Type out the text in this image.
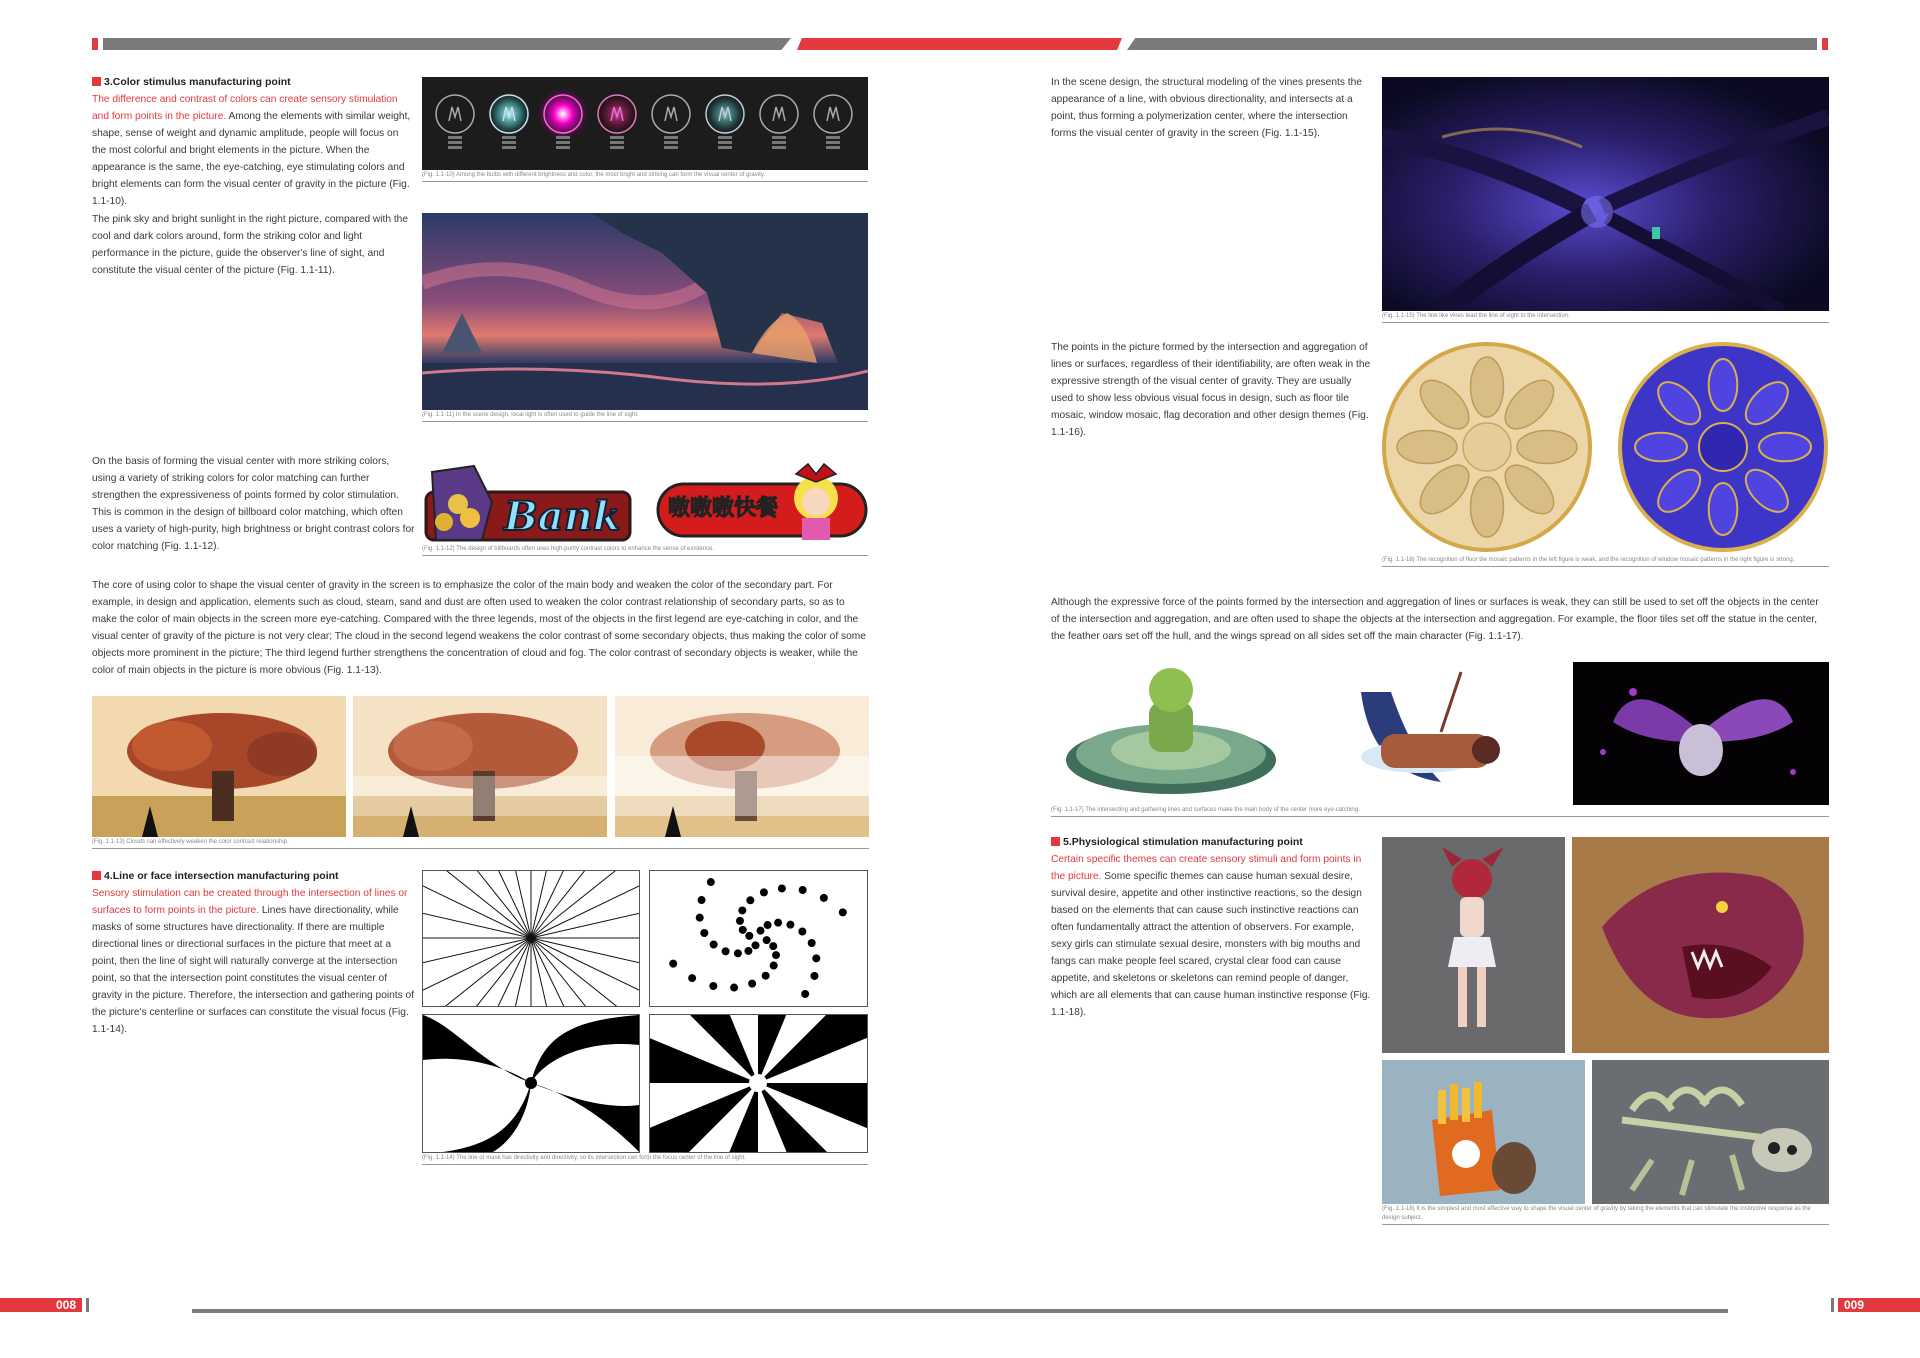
3.Color stimulus manufacturing point
The difference and contrast of colors can create sensory stimulation and form points in the picture. Among the elements with similar weight, shape, sense of weight and dynamic amplitude, people will focus on the most colorful and bright elements in the picture. When the appearance is the same, the eye-catching, eye stimulating colors and bright elements can form the visual center of gravity in the picture (Fig. 1.1-10).
(Fig. 1.1-10) Among the bulbs with different brightness and color, the most bright and striking can form the visual center of gravity.
The pink sky and bright sunlight in the right picture, compared with the cool and dark colors around, form the striking color and light performance in the picture, guide the observer's line of sight, and constitute the visual center of the picture (Fig. 1.1-11).
(Fig. 1.1-11) In the scene design, local light is often used to guide the line of sight.
On the basis of forming the visual center with more striking colors, using a variety of striking colors for color matching can further strengthen the expressiveness of points formed by color stimulation. This is common in the design of billboard color matching, which often uses a variety of high-purity, high brightness or bright contrast colors for color matching (Fig. 1.1-12).
Bank 嗷嗷嗷快餐
(Fig. 1.1-12) The design of billboards often uses high-purity contrast colors to enhance the sense of existence.
The core of using color to shape the visual center of gravity in the screen is to emphasize the color of the main body and weaken the color of the secondary part. For example, in design and application, elements such as cloud, steam, sand and dust are often used to weaken the color contrast relationship of secondary parts, so as to make the color of main objects in the screen more eye-catching. Compared with the three legends, most of the objects in the first legend are eye-catching in color, and the visual center of gravity of the picture is not very clear; The cloud in the second legend weakens the color contrast of some secondary objects, thus making the color of some objects more prominent in the picture; The third legend further strengthens the concentration of cloud and fog. The color contrast of secondary objects is weaker, while the color of main objects in the picture is more obvious (Fig. 1.1-13).
(Fig. 1.1-13) Clouds can effectively weaken the color contrast relationship.
4.Line or face intersection manufacturing point
Sensory stimulation can be created through the intersection of lines or surfaces to form points in the picture. Lines have directionality, while masks of some structures have directionality. If there are multiple directional lines or directional surfaces in the picture that meet at a point, then the line of sight will naturally converge at the intersection point, so that the intersection point constitutes the visual center of gravity in the picture. Therefore, the intersection and gathering points of the picture's centerline or surfaces can constitute the visual focus (Fig. 1.1-14).
(Fig. 1.1-14) The line or mask has directivity and directivity, so its intersection can form the focus center of the line of sight.
008
In the scene design, the structural modeling of the vines presents the appearance of a line, with obvious directionality, and intersects at a point, thus forming a polymerization center, where the intersection forms the visual center of gravity in the screen (Fig. 1.1-15).
(Fig. 1.1-15) The line like vines lead the line of sight to the intersection.
The points in the picture formed by the intersection and aggregation of lines or surfaces, regardless of their identifiability, are often weak in the expressive strength of the visual center of gravity. They are usually used to show less obvious visual focus in design, such as floor tile mosaic, window mosaic, flag decoration and other design themes (Fig. 1.1-16).
(Fig. 1.1-16) The recognition of floor tile mosaic patterns in the left figure is weak, and the recognition of window mosaic patterns in the right figure is strong.
Although the expressive force of the points formed by the intersection and aggregation of lines or surfaces is weak, they can still be used to set off the objects in the center of the intersection and aggregation, and are often used to shape the objects at the intersection and aggregation. For example, the floor tiles set off the statue in the center, the feather oars set off the hull, and the wings spread on all sides set off the main character (Fig. 1.1-17).
(Fig. 1.1-17) The intersecting and gathering lines and surfaces make the main body of the center more eye-catching.
5.Physiological stimulation manufacturing point
Certain specific themes can create sensory stimuli and form points in the picture. Some specific themes can cause human sexual desire, survival desire, appetite and other instinctive reactions, so the design based on the elements that can cause such instinctive reactions can often fundamentally attract the attention of observers. For example, sexy girls can stimulate sexual desire, monsters with big mouths and fangs can make people feel scared, crystal clear food can cause appetite, and skeletons or skeletons can remind people of danger, which are all elements that can cause human instinctive response (Fig. 1.1-18).
(Fig. 1.1-18) It is the simplest and most effective way to shape the visual center of gravity by taking the elements that can stimulate the instinctive response as the design subject.
009
